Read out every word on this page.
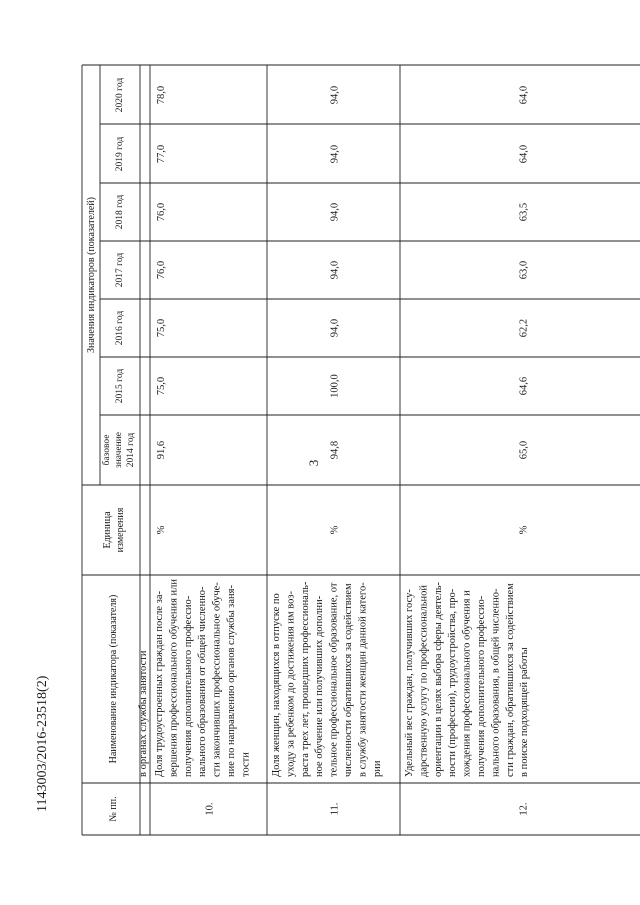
3
№ пп.
Наименование индикатора (показателя)
Единица измерения
Значения индикаторов (показателей)
базовое значение 2014 год
2015 год
2016 год
2017 год
2018 год
2019 год
2020 год
в органах службы занятости
10.
Доля трудоустроенных граждан после за- вершения профессионального обучения или получения дополнительного профессио- нального образования от общей численно- сти закончивших профессиональное обуче- ние по направлению органов службы заня- тости
%
91,6
75,0
75,0
76,0
76,0
77,0
78,0
11.
Доля женщин, находящихся в отпуске по уходу за ребенком до достижения им воз- раста трех лет, прошедших профессиональ- ное обучение или получивших дополни- тельное профессиональное образование, от численности обратившихся за содействием в службу занятости женщин данной катего- рии
%
94,8
100,0
94,0
94,0
94,0
94,0
94,0
12.
Удельный вес граждан, получивших госу- дарственную услугу по профессиональной ориентации в целях выбора сферы деятель- ности (профессии), трудоустройства, про- хождения профессионального обучения и получения дополнительного профессио- нального образования, в общей численно- сти граждан, обратившихся за содействием в поиске подходящей работы
%
65,0
64,6
62,2
63,0
63,5
64,0
64,0
1143003/2016-23518(2)
